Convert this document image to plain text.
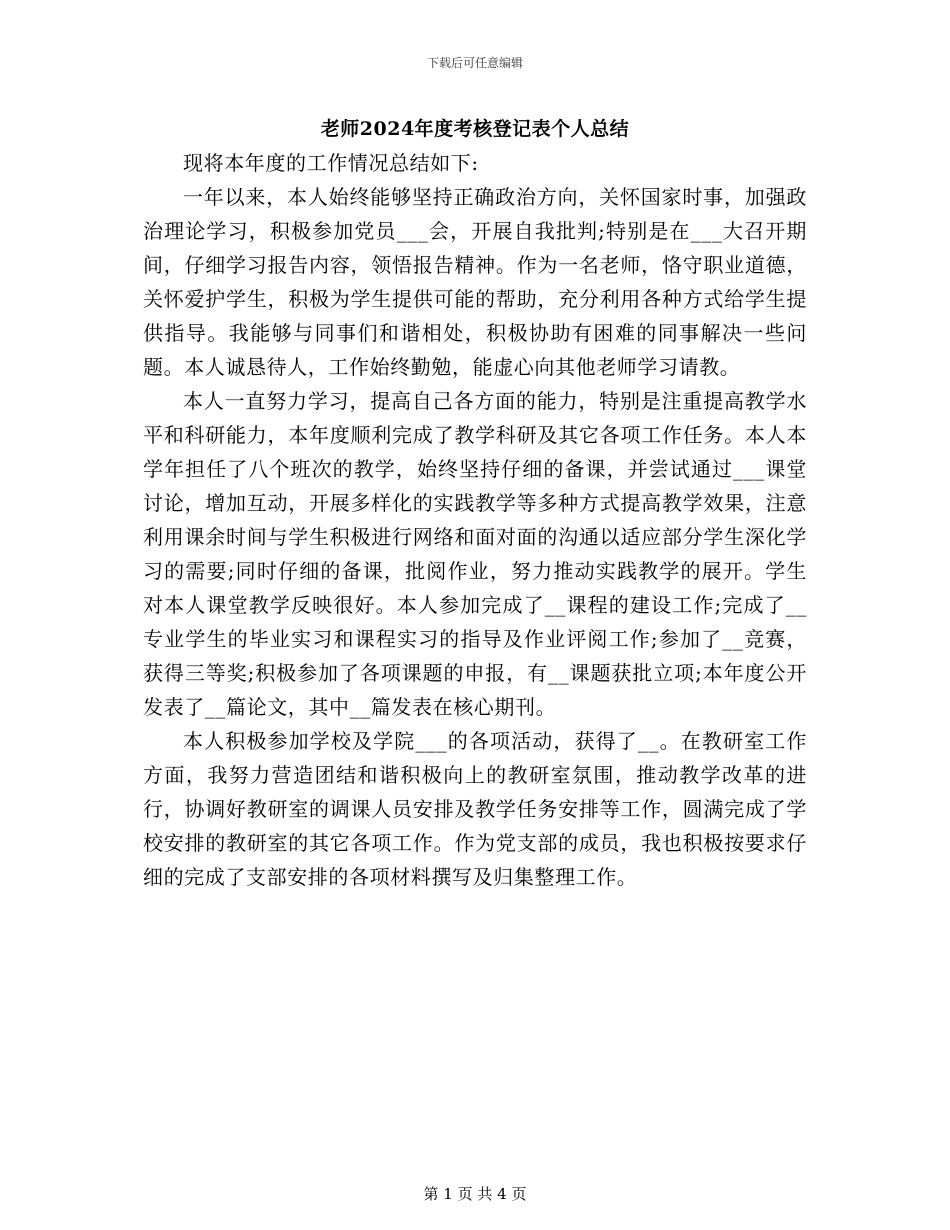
下载后可任意编辑
老师2024年度考核登记表个人总结

现将本年度的工作情况总结如下:

一年以来，本人始终能够坚持正确政治方向，关怀国家时事，加强政治理论学习，积极参加党员___会，开展自我批判;特别是在___大召开期间，仔细学习报告内容，领悟报告精神。作为一名老师，恪守职业道德，关怀爱护学生，积极为学生提供可能的帮助，充分利用各种方式给学生提供指导。我能够与同事们和谐相处，积极协助有困难的同事解决一些问题。本人诚恳待人，工作始终勤勉，能虚心向其他老师学习请教。

本人一直努力学习，提高自己各方面的能力，特别是注重提高教学水平和科研能力，本年度顺利完成了教学科研及其它各项工作任务。本人本学年担任了八个班次的教学，始终坚持仔细的备课，并尝试通过___课堂讨论，增加互动，开展多样化的实践教学等多种方式提高教学效果，注意利用课余时间与学生积极进行网络和面对面的沟通以适应部分学生深化学习的需要;同时仔细的备课，批阅作业，努力推动实践教学的展开。学生对本人课堂教学反映很好。本人参加完成了__课程的建设工作;完成了__专业学生的毕业实习和课程实习的指导及作业评阅工作;参加了__竞赛，获得三等奖;积极参加了各项课题的申报，有__课题获批立项;本年度公开发表了__篇论文，其中__篇发表在核心期刊。

本人积极参加学校及学院___的各项活动，获得了__。在教研室工作方面，我努力营造团结和谐积极向上的教研室氛围，推动教学改革的进行，协调好教研室的调课人员安排及教学任务安排等工作，圆满完成了学校安排的教研室的其它各项工作。作为党支部的成员，我也积极按要求仔细的完成了支部安排的各项材料撰写及归集整理工作。

第 1 页 共 4 页
